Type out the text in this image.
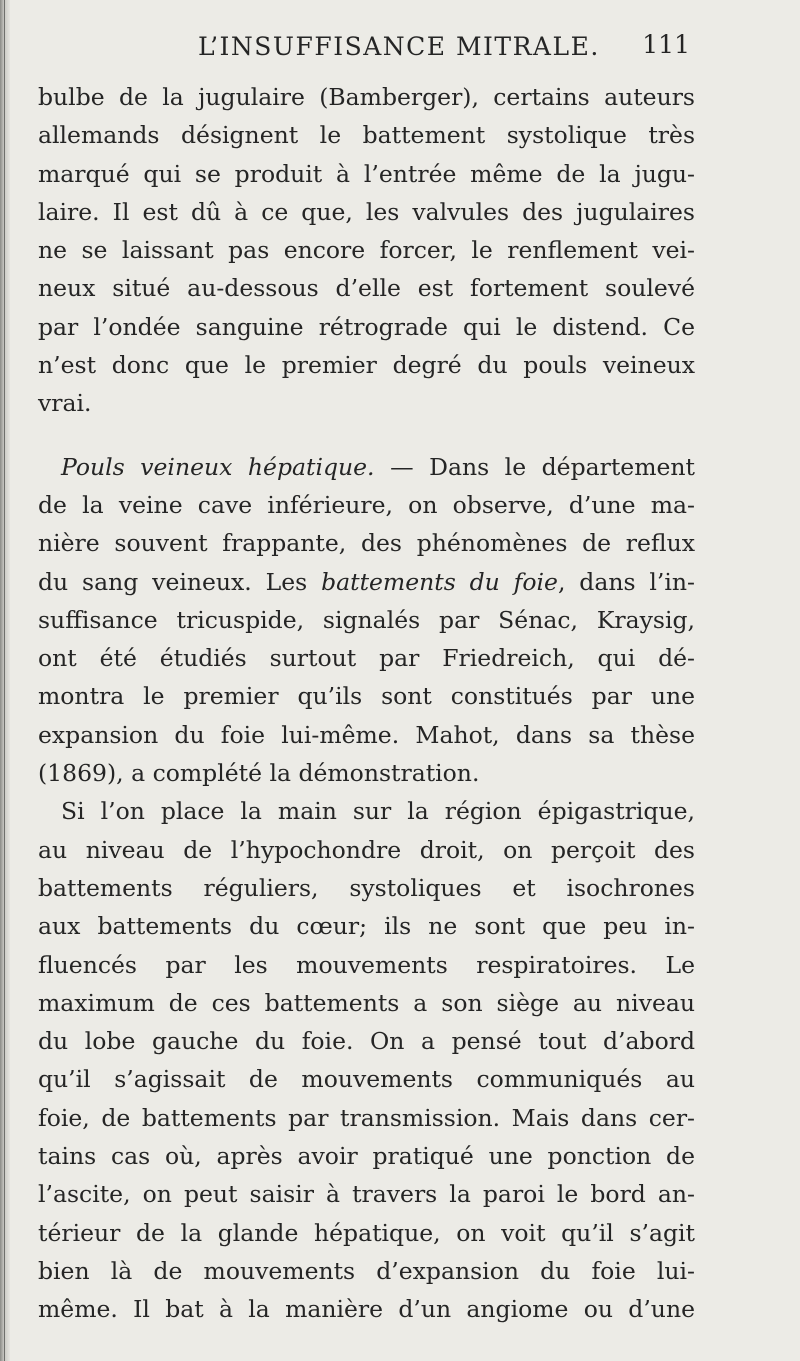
L’INSUFFISANCE MITRALE. 111
bulbe de la jugulaire (Bamberger), certains auteurs
allemands désignent le battement systolique très
marqué qui se produit à l’entrée même de la jugu-
laire. Il est dû à ce que, les valvules des jugulaires
ne se laissant pas encore forcer, le renflement vei-
neux situé au-dessous d’elle est fortement soulevé
par l’ondée sanguine rétrograde qui le distend. Ce
n’est donc que le premier degré du pouls veineux
vrai.
Pouls veineux hépatique. — Dans le département
de la veine cave inférieure, on observe, d’une ma-
nière souvent frappante, des phénomènes de reflux
du sang veineux. Les battements du foie, dans l’in-
suffisance tricuspide, signalés par Sénac, Kraysig,
ont été étudiés surtout par Friedreich, qui dé-
montra le premier qu’ils sont constitués par une
expansion du foie lui-même. Mahot, dans sa thèse
(1869), a complété la démonstration.
Si l’on place la main sur la région épigastrique,
au niveau de l’hypochondre droit, on perçoit des
battements réguliers, systoliques et isochrones
aux battements du cœur; ils ne sont que peu in-
fluencés par les mouvements respiratoires. Le
maximum de ces battements a son siège au niveau
du lobe gauche du foie. On a pensé tout d’abord
qu’il s’agissait de mouvements communiqués au
foie, de battements par transmission. Mais dans cer-
tains cas où, après avoir pratiqué une ponction de
l’ascite, on peut saisir à travers la paroi le bord an-
térieur de la glande hépatique, on voit qu’il s’agit
bien là de mouvements d’expansion du foie lui-
même. Il bat à la manière d’un angiome ou d’une
